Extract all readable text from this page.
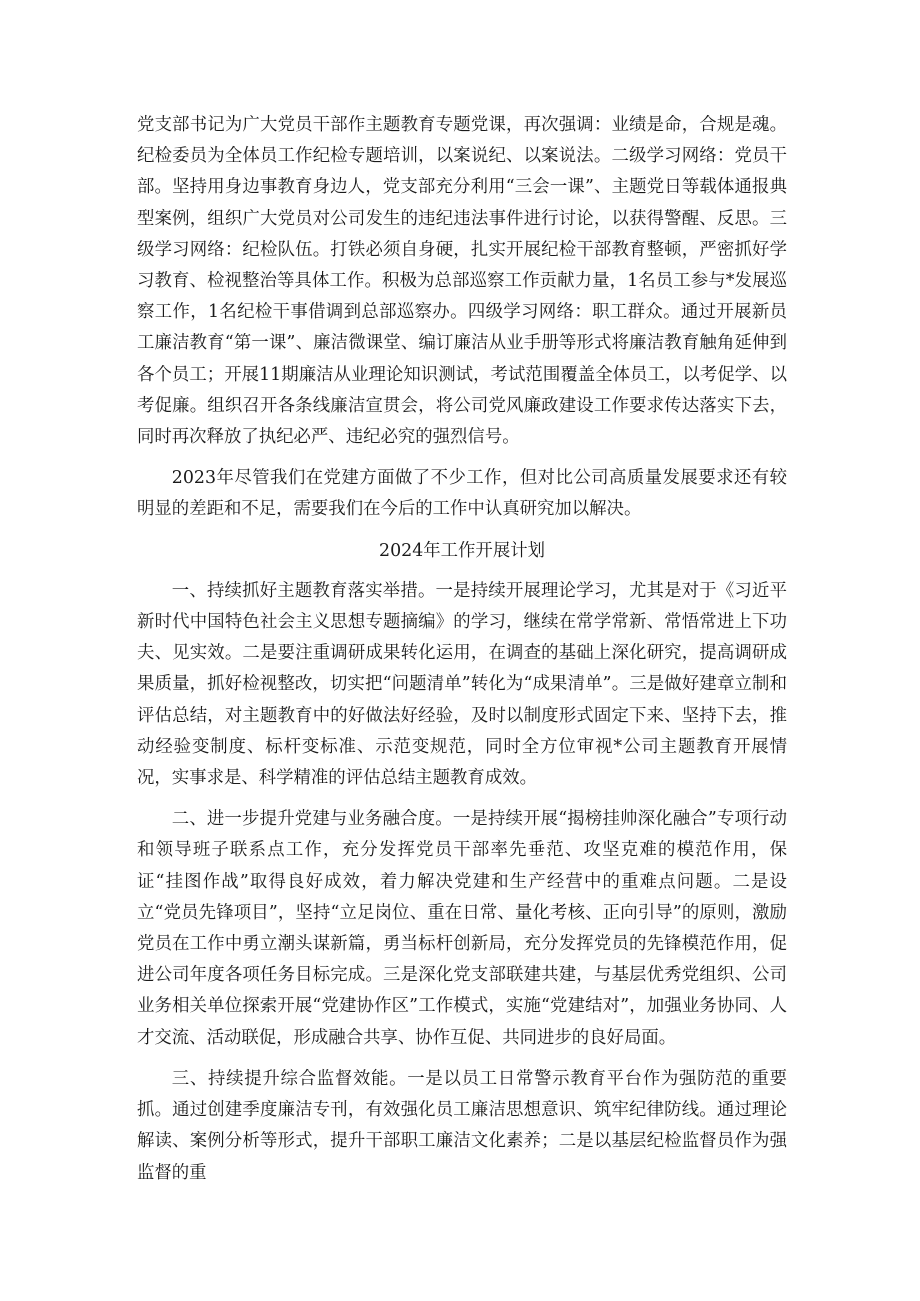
党支部书记为广大党员干部作主题教育专题党课，再次强调：业绩是命，合规是魂。纪检委员为全体员工作纪检专题培训，以案说纪、以案说法。二级学习网络：党员干部。坚持用身边事教育身边人，党支部充分利用“三会一课”、主题党日等载体通报典型案例，组织广大党员对公司发生的违纪违法事件进行讨论，以获得警醒、反思。三级学习网络：纪检队伍。打铁必须自身硬，扎实开展纪检干部教育整顿，严密抓好学习教育、检视整治等具体工作。积极为总部巡察工作贡献力量，1名员工参与*发展巡察工作，1名纪检干事借调到总部巡察办。四级学习网络：职工群众。通过开展新员工廉洁教育“第一课”、廉洁微课堂、编订廉洁从业手册等形式将廉洁教育触角延伸到各个员工；开展11期廉洁从业理论知识测试，考试范围覆盖全体员工，以考促学、以考促廉。组织召开各条线廉洁宣贯会，将公司党风廉政建设工作要求传达落实下去，同时再次释放了执纪必严、违纪必究的强烈信号。

2023年尽管我们在党建方面做了不少工作，但对比公司高质量发展要求还有较明显的差距和不足，需要我们在今后的工作中认真研究加以解决。

2024年工作开展计划

一、持续抓好主题教育落实举措。一是持续开展理论学习，尤其是对于《习近平新时代中国特色社会主义思想专题摘编》的学习，继续在常学常新、常悟常进上下功夫、见实效。二是要注重调研成果转化运用，在调查的基础上深化研究，提高调研成果质量，抓好检视整改，切实把“问题清单”转化为“成果清单”。三是做好建章立制和评估总结，对主题教育中的好做法好经验，及时以制度形式固定下来、坚持下去，推动经验变制度、标杆变标准、示范变规范，同时全方位审视*公司主题教育开展情况，实事求是、科学精准的评估总结主题教育成效。

二、进一步提升党建与业务融合度。一是持续开展“揭榜挂帅深化融合”专项行动和领导班子联系点工作，充分发挥党员干部率先垂范、攻坚克难的模范作用，保证“挂图作战”取得良好成效，着力解决党建和生产经营中的重难点问题。二是设立“党员先锋项目”，坚持“立足岗位、重在日常、量化考核、正向引导”的原则，激励党员在工作中勇立潮头谋新篇，勇当标杆创新局，充分发挥党员的先锋模范作用，促进公司年度各项任务目标完成。三是深化党支部联建共建，与基层优秀党组织、公司业务相关单位探索开展“党建协作区”工作模式，实施“党建结对”，加强业务协同、人才交流、活动联促，形成融合共享、协作互促、共同进步的良好局面。

三、持续提升综合监督效能。一是以员工日常警示教育平台作为强防范的重要抓。通过创建季度廉洁专刊，有效强化员工廉洁思想意识、筑牢纪律防线。通过理论解读、案例分析等形式，提升干部职工廉洁文化素养；二是以基层纪检监督员作为强监督的重
